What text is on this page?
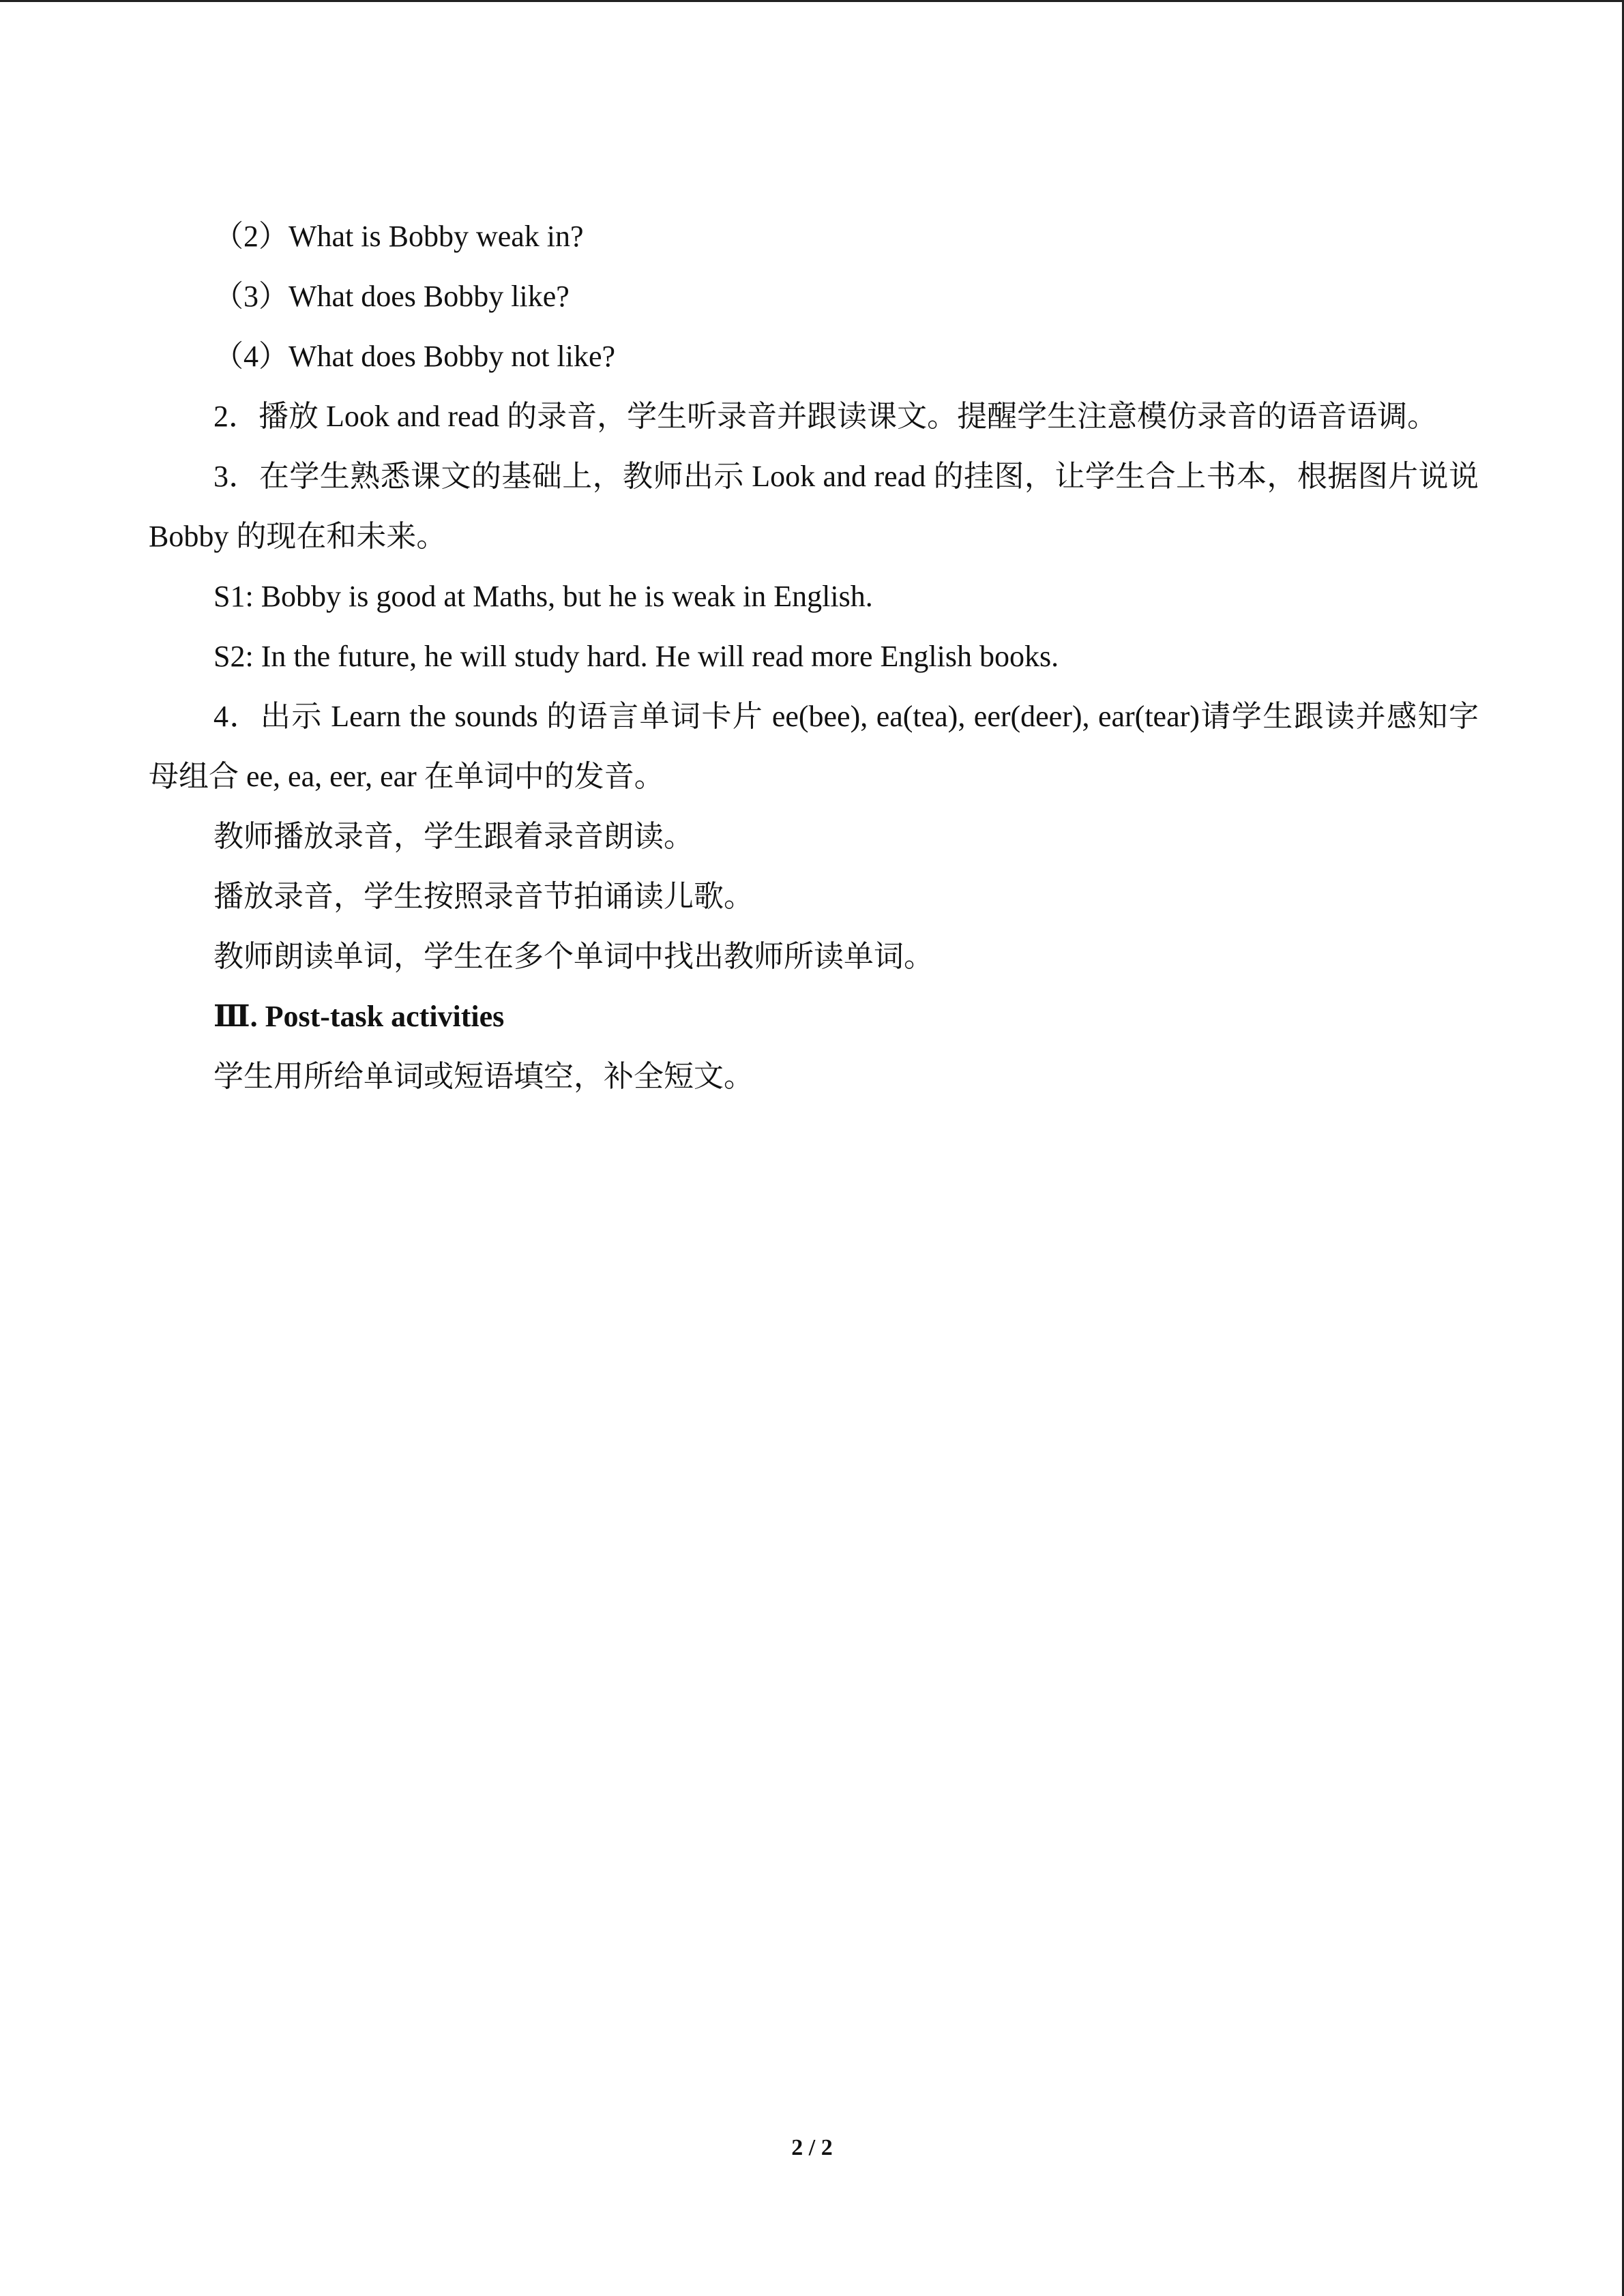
（2）What is Bobby weak in?
（3）What does Bobby like?
（4）What does Bobby not like?
2．播放 Look and read 的录音，学生听录音并跟读课文。提醒学生注意模仿录音的语音语调。
3．在学生熟悉课文的基础上，教师出示 Look and read 的挂图，让学生合上书本，根据图片说说 Bobby 的现在和未来。
S1: Bobby is good at Maths, but he is weak in English.
S2: In the future, he will study hard. He will read more English books.
4．出示 Learn the sounds 的语言单词卡片 ee(bee), ea(tea), eer(deer), ear(tear)请学生跟读并感知字母组合 ee, ea, eer, ear 在单词中的发音。
教师播放录音，学生跟着录音朗读。
播放录音，学生按照录音节拍诵读儿歌。
教师朗读单词，学生在多个单词中找出教师所读单词。
Ⅲ. Post-task activities
学生用所给单词或短语填空，补全短文。
2 / 2
